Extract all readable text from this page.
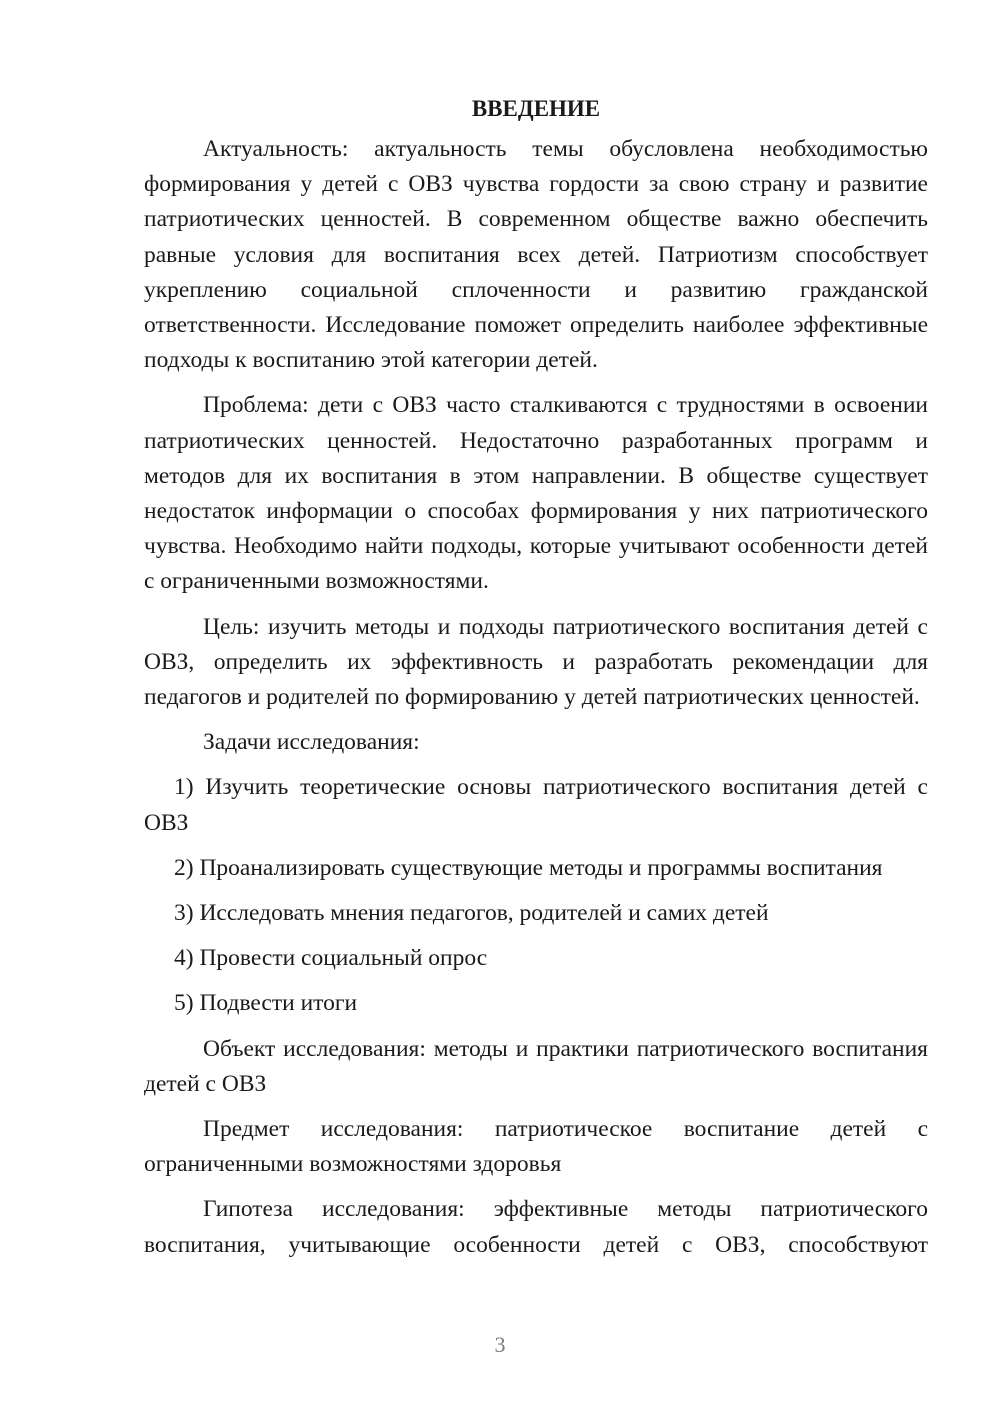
ВВЕДЕНИЕ

Актуальность: актуальность темы обусловлена необходимостью формирования у детей с ОВЗ чувства гордости за свою страну и развитие патриотических ценностей. В современном обществе важно обеспечить равные условия для воспитания всех детей. Патриотизм способствует укреплению социальной сплоченности и развитию гражданской ответственности. Исследование поможет определить наиболее эффективные подходы к воспитанию этой категории детей.

Проблема: дети с ОВЗ часто сталкиваются с трудностями в освоении патриотических ценностей. Недостаточно разработанных программ и методов для их воспитания в этом направлении. В обществе существует недостаток информации о способах формирования у них патриотического чувства. Необходимо найти подходы, которые учитывают особенности детей с ограниченными возможностями.

Цель: изучить методы и подходы патриотического воспитания детей с ОВЗ, определить их эффективность и разработать рекомендации для педагогов и родителей по формированию у детей патриотических ценностей.

Задачи исследования:

1) Изучить теоретические основы патриотического воспитания детей с ОВЗ

2) Проанализировать существующие методы и программы воспитания

3) Исследовать мнения педагогов, родителей и самих детей

4) Провести социальный опрос

5) Подвести итоги

Объект исследования: методы и практики патриотического воспитания детей с ОВЗ

Предмет исследования: патриотическое воспитание детей с ограниченными возможностями здоровья

Гипотеза исследования: эффективные методы патриотического воспитания, учитывающие особенности детей с ОВЗ, способствуют

3
